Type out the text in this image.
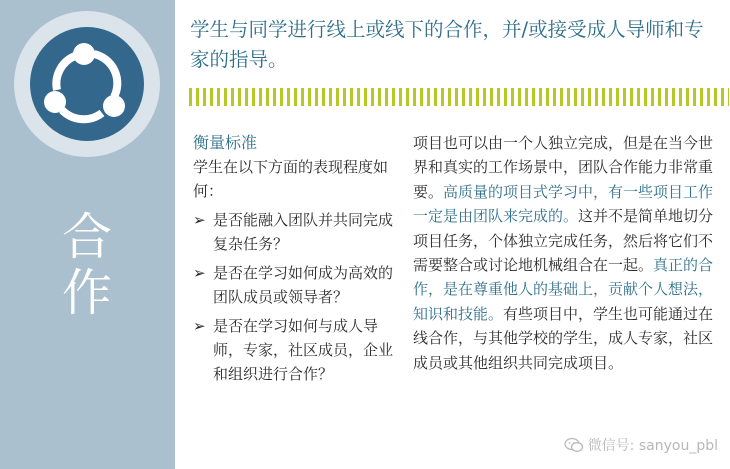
合
作
学生与同学进行线上或线下的合作，并/或接受成人导师和专家的指导。
衡量标准
学生在以下方面的表现程度如何：
➢ 是否能融入团队并共同完成复杂任务？
➢ 是否在学习如何成为高效的团队成员或领导者？
➢ 是否在学习如何与成人导师，专家，社区成员，企业和组织进行合作？
项目也可以由一个人独立完成，但是在当今世界和真实的工作场景中，团队合作能力非常重要。高质量的项目式学习中，有一些项目工作一定是由团队来完成的。这并不是简单地切分项目任务，个体独立完成任务，然后将它们不需要整合或讨论地机械组合在一起。真正的合作，是在尊重他人的基础上，贡献个人想法，知识和技能。有些项目中，学生也可能通过在线合作，与其他学校的学生，成人专家，社区成员或其他组织共同完成项目。
微信号: sanyou_pbl
